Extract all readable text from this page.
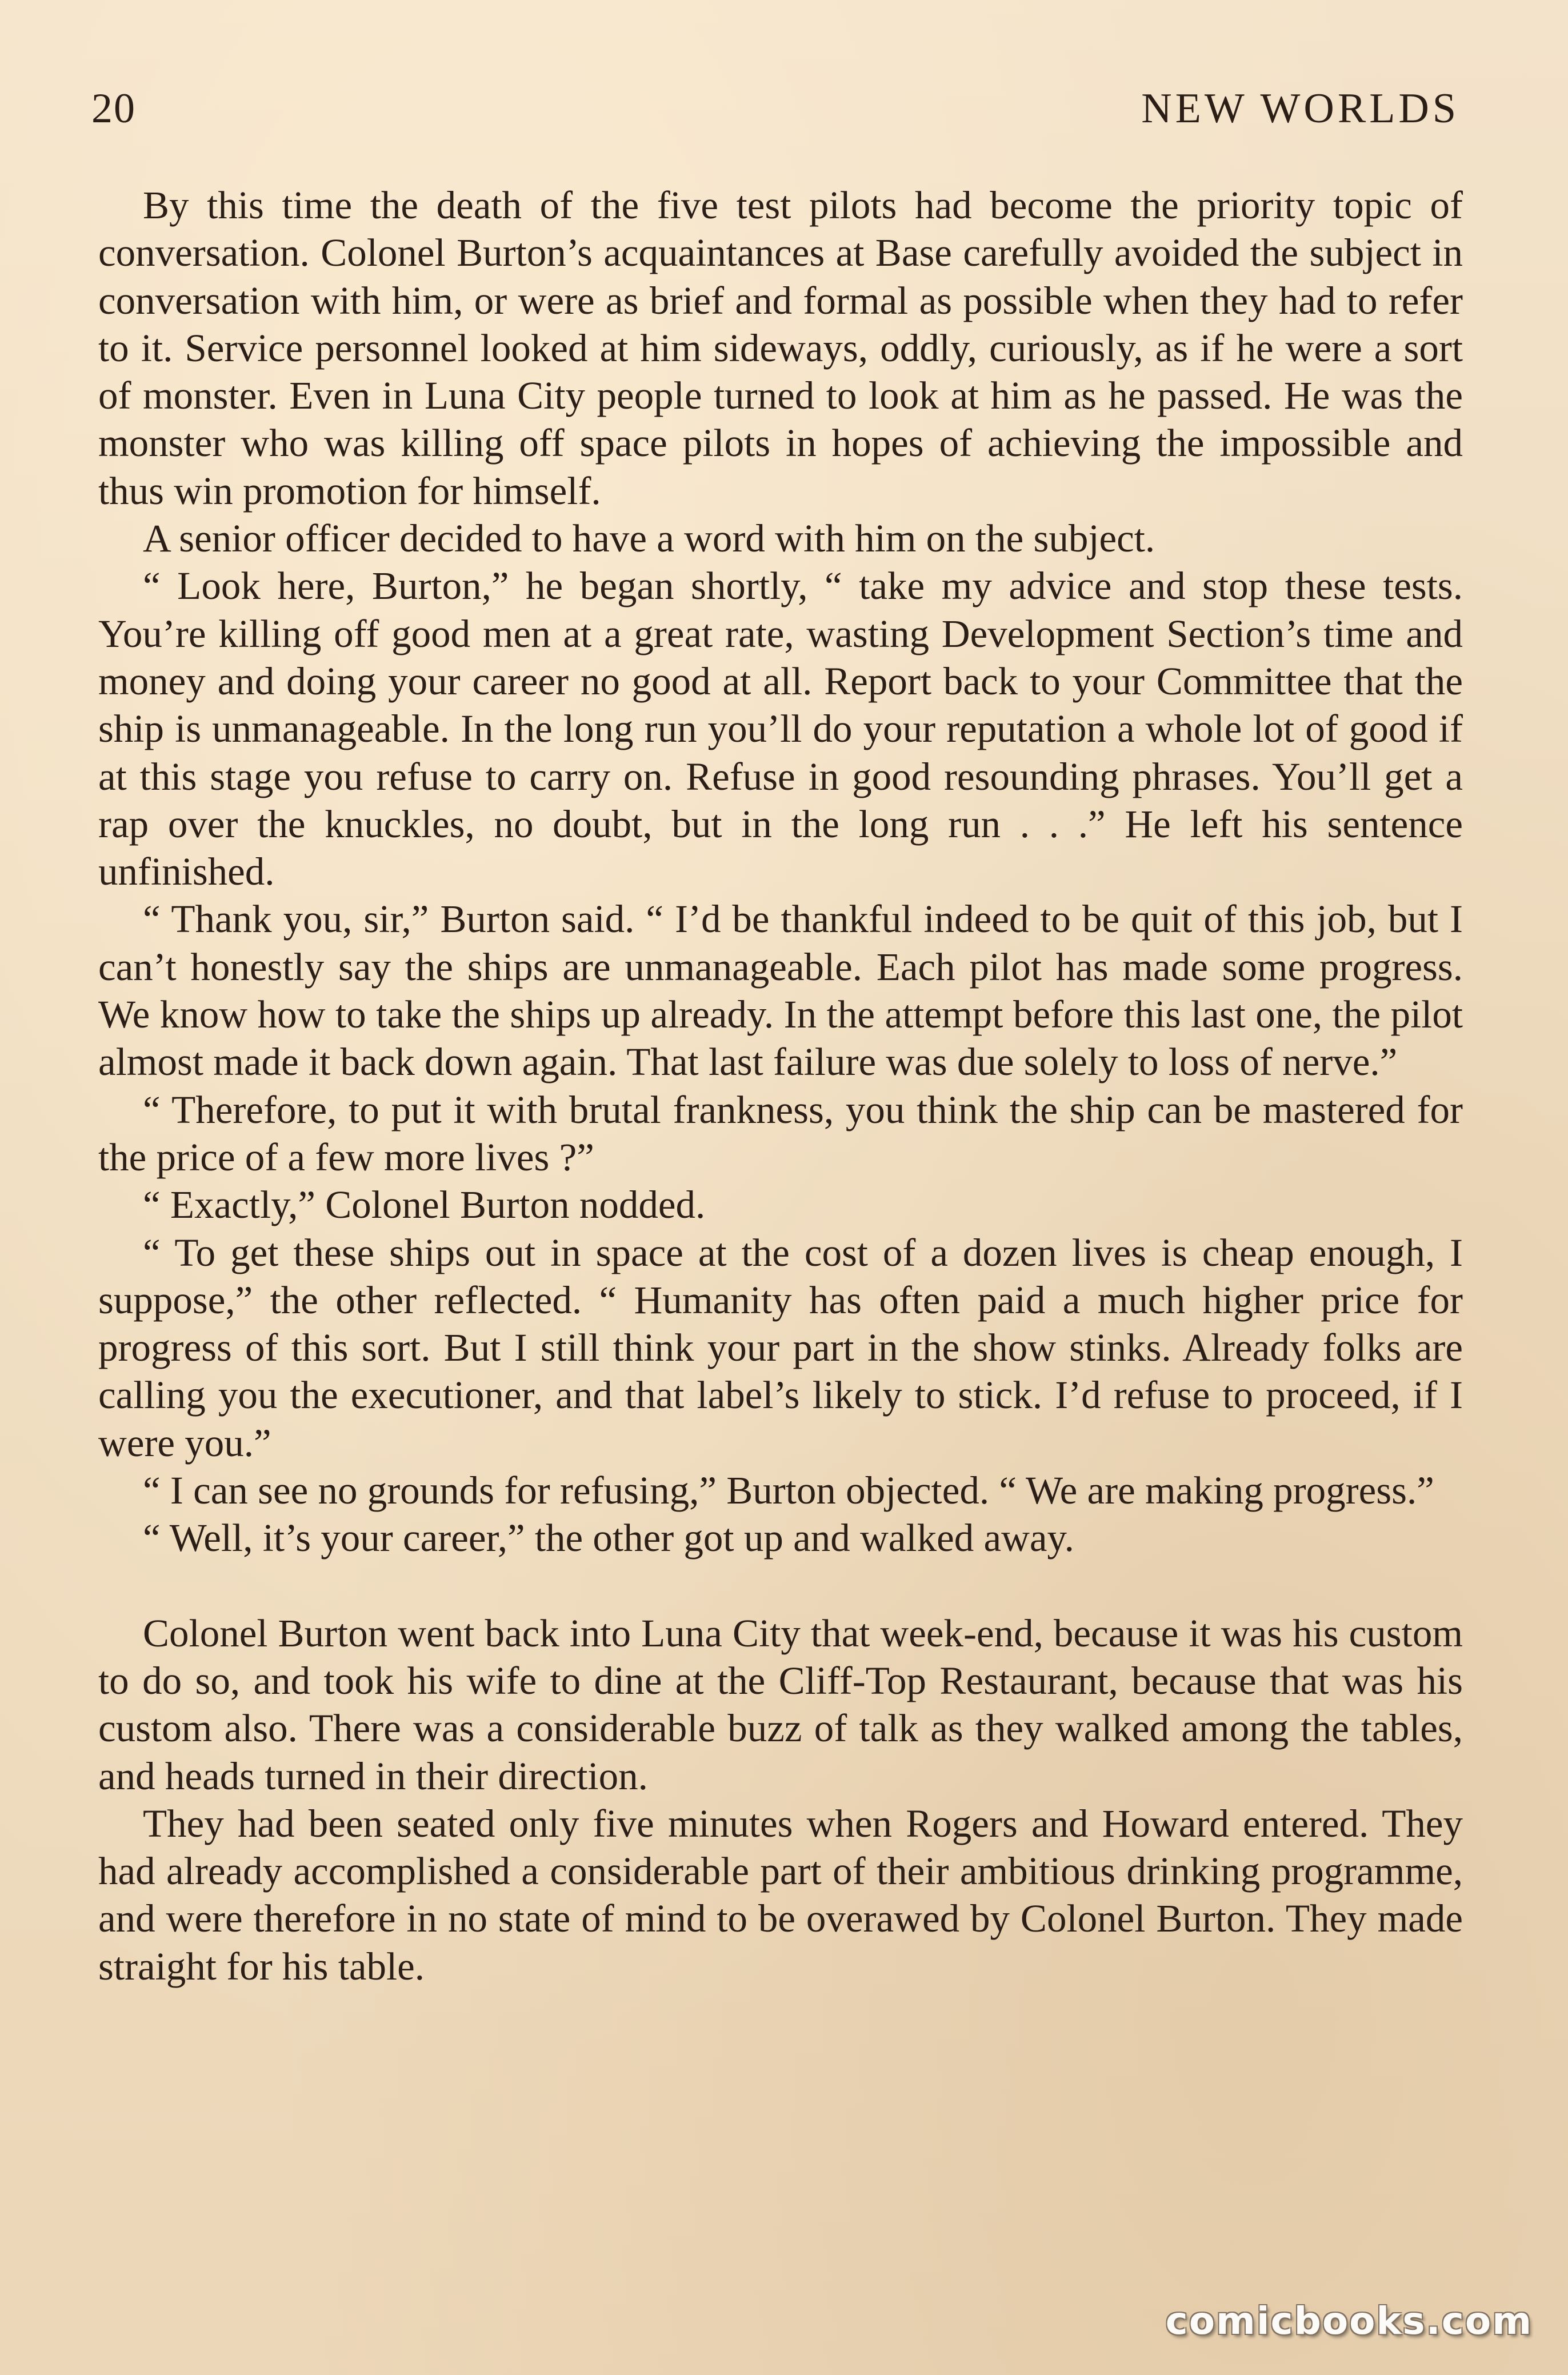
20	NEW WORLDS

By this time the death of the five test pilots had become the priority topic of conversation. Colonel Burton’s acquaintances at Base carefully avoided the subject in conversation with him, or were as brief and formal as possible when they had to refer to it. Service personnel looked at him sideways, oddly, curiously, as if he were a sort of monster. Even in Luna City people turned to look at him as he passed. He was the monster who was killing off space pilots in hopes of achieving the impossible and thus win promotion for himself.

A senior officer decided to have a word with him on the subject.

“ Look here, Burton,” he began shortly, “ take my advice and stop these tests. You’re killing off good men at a great rate, wasting Development Section’s time and money and doing your career no good at all. Report back to your Committee that the ship is unmanageable. In the long run you’ll do your reputation a whole lot of good if at this stage you refuse to carry on. Refuse in good resounding phrases. You’ll get a rap over the knuckles, no doubt, but in the long run . . .” He left his sentence unfinished.

“ Thank you, sir,” Burton said. “ I’d be thankful indeed to be quit of this job, but I can’t honestly say the ships are unmanageable. Each pilot has made some progress. We know how to take the ships up already. In the attempt before this last one, the pilot almost made it back down again. That last failure was due solely to loss of nerve.”

“ Therefore, to put it with brutal frankness, you think the ship can be mastered for the price of a few more lives ?”

“ Exactly,” Colonel Burton nodded.

“ To get these ships out in space at the cost of a dozen lives is cheap enough, I suppose,” the other reflected. “ Humanity has often paid a much higher price for progress of this sort. But I still think your part in the show stinks. Already folks are calling you the executioner, and that label’s likely to stick. I’d refuse to proceed, if I were you.”

“ I can see no grounds for refusing,” Burton objected. “ We are making progress.”

“ Well, it’s your career,” the other got up and walked away.

Colonel Burton went back into Luna City that week-end, because it was his custom to do so, and took his wife to dine at the Cliff-Top Restaurant, because that was his custom also. There was a considerable buzz of talk as they walked among the tables, and heads turned in their direction.

They had been seated only five minutes when Rogers and Howard entered. They had already accomplished a considerable part of their ambitious drinking programme, and were therefore in no state of mind to be overawed by Colonel Burton. They made straight for his table.

comicbooks.com
